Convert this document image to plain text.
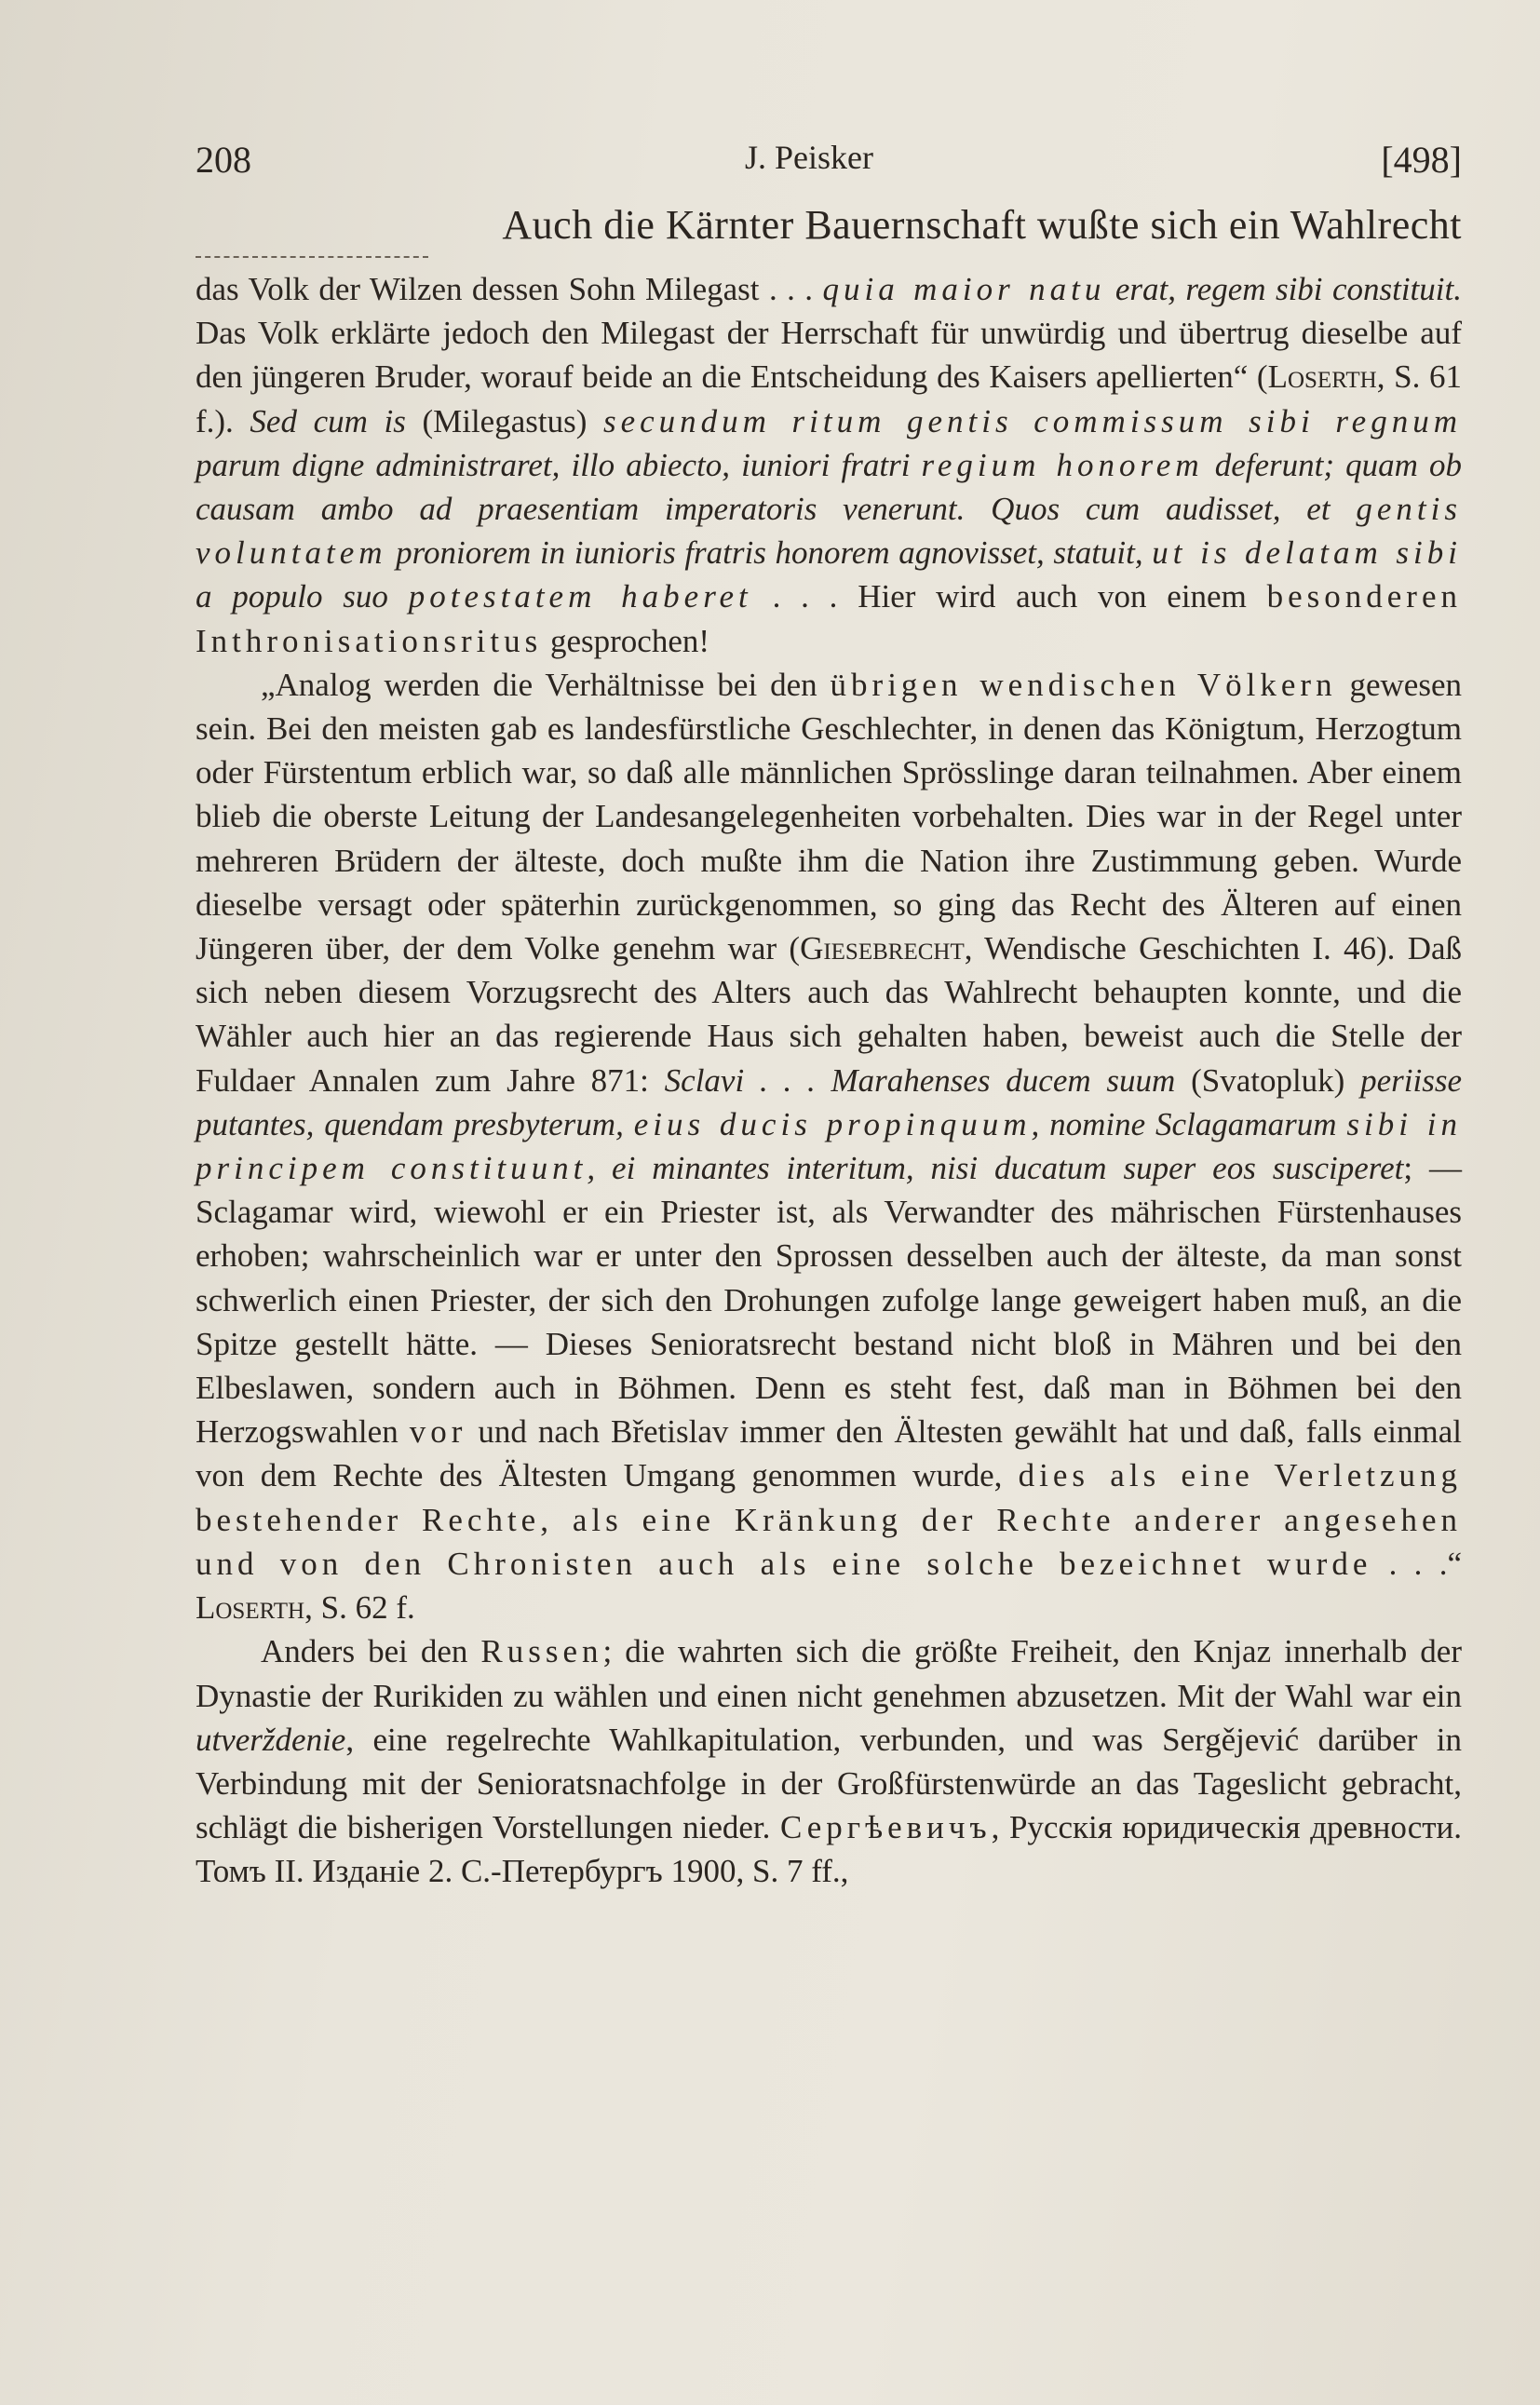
208	J. Peisker	[498]
Auch die Kärnter Bauernschaft wußte sich ein Wahlrecht

das Volk der Wilzen dessen Sohn Milegast . . . quia maior natu erat, regem sibi constituit. Das Volk erklärte jedoch den Milegast der Herrschaft für unwürdig und übertrug dieselbe auf den jüngeren Bruder, worauf beide an die Entscheidung des Kaisers apellierten“ (Loserth, S. 61 f.). Sed cum is (Milegastus) secundum ritum gentis commissum sibi regnum parum digne administraret, illo abiecto, iuniori fratri regium honorem deferunt; quam ob causam ambo ad praesentiam imperatoris venerunt. Quos cum audisset, et gentis voluntatem proniorem in iunioris fratris honorem agnovisset, statuit, ut is delatam sibi a populo suo potestatem haberet . . . Hier wird auch von einem besonderen Inthronisationsritus gesprochen!

„Analog werden die Verhältnisse bei den übrigen wendischen Völkern gewesen sein. Bei den meisten gab es landesfürstliche Geschlechter, in denen das Königtum, Herzogtum oder Fürstentum erblich war, so daß alle männlichen Sprösslinge daran teilnahmen. Aber einem blieb die oberste Leitung der Landesangelegenheiten vorbehalten. Dies war in der Regel unter mehreren Brüdern der älteste, doch mußte ihm die Nation ihre Zustimmung geben. Wurde dieselbe versagt oder späterhin zurückgenommen, so ging das Recht des Älteren auf einen Jüngeren über, der dem Volke genehm war (Giesebrecht, Wendische Geschichten I. 46). Daß sich neben diesem Vorzugsrecht des Alters auch das Wahlrecht behaupten konnte, und die Wähler auch hier an das regierende Haus sich gehalten haben, beweist auch die Stelle der Fuldaer Annalen zum Jahre 871: Sclavi . . . Marahenses ducem suum (Svatopluk) periisse putantes, quendam presbyterum, eius ducis propinquum, nomine Sclagamarum sibi in principem constituunt, ei minantes interitum, nisi ducatum super eos susciperet; — Sclagamar wird, wiewohl er ein Priester ist, als Verwandter des mährischen Fürstenhauses erhoben; wahrscheinlich war er unter den Sprossen desselben auch der älteste, da man sonst schwerlich einen Priester, der sich den Drohungen zufolge lange geweigert haben muß, an die Spitze gestellt hätte. — Dieses Senioratsrecht bestand nicht bloß in Mähren und bei den Elbeslawen, sondern auch in Böhmen. Denn es steht fest, daß man in Böhmen bei den Herzogswahlen vor und nach Břetislav immer den Ältesten gewählt hat und daß, falls einmal von dem Rechte des Ältesten Umgang genommen wurde, dies als eine Verletzung bestehender Rechte, als eine Kränkung der Rechte anderer angesehen und von den Chronisten auch als eine solche bezeichnet wurde . . .“ Loserth, S. 62 f.

Anders bei den Russen; die wahrten sich die größte Freiheit, den Knjaz innerhalb der Dynastie der Rurikiden zu wählen und einen nicht genehmen abzusetzen. Mit der Wahl war ein utverždenie, eine regelrechte Wahlkapitulation, verbunden, und was Sergějević darüber in Verbindung mit der Senioratsnachfolge in der Großfürstenwürde an das Tageslicht gebracht, schlägt die bisherigen Vorstellungen nieder. Сергѣевичъ, Русскія юридическія древности. Томъ II. Изданіе 2. С.-Петербургъ 1900, S. 7 ff.,
